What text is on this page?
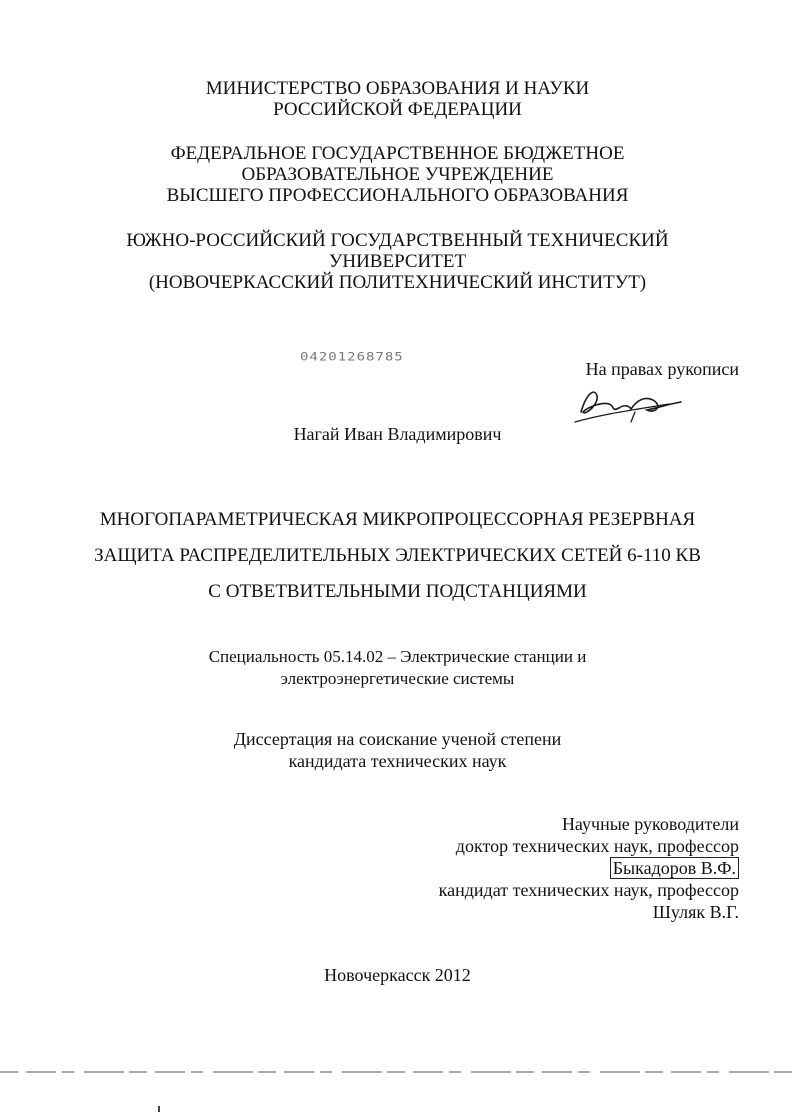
МИНИСТЕРСТВО ОБРАЗОВАНИЯ И НАУКИ
РОССИЙСКОЙ ФЕДЕРАЦИИ
ФЕДЕРАЛЬНОЕ ГОСУДАРСТВЕННОЕ БЮДЖЕТНОЕ
ОБРАЗОВАТЕЛЬНОЕ УЧРЕЖДЕНИЕ
ВЫСШЕГО ПРОФЕССИОНАЛЬНОГО ОБРАЗОВАНИЯ
ЮЖНО-РОССИЙСКИЙ ГОСУДАРСТВЕННЫЙ ТЕХНИЧЕСКИЙ
УНИВЕРСИТЕТ
(НОВОЧЕРКАССКИЙ ПОЛИТЕХНИЧЕСКИЙ ИНСТИТУТ)
04201268785
На правах рукописи
Нагай Иван Владимирович
МНОГОПАРАМЕТРИЧЕСКАЯ МИКРОПРОЦЕССОРНАЯ РЕЗЕРВНАЯ
ЗАЩИТА РАСПРЕДЕЛИТЕЛЬНЫХ ЭЛЕКТРИЧЕСКИХ СЕТЕЙ 6-110 КВ
С ОТВЕТВИТЕЛЬНЫМИ ПОДСТАНЦИЯМИ
Специальность 05.14.02 – Электрические станции и
электроэнергетические системы
Диссертация на соискание ученой степени
кандидата технических наук
Научные руководители
доктор технических наук, профессор
Быкадоров В.Ф.
кандидат технических наук, профессор
Шуляк В.Г.
Новочеркасск 2012
